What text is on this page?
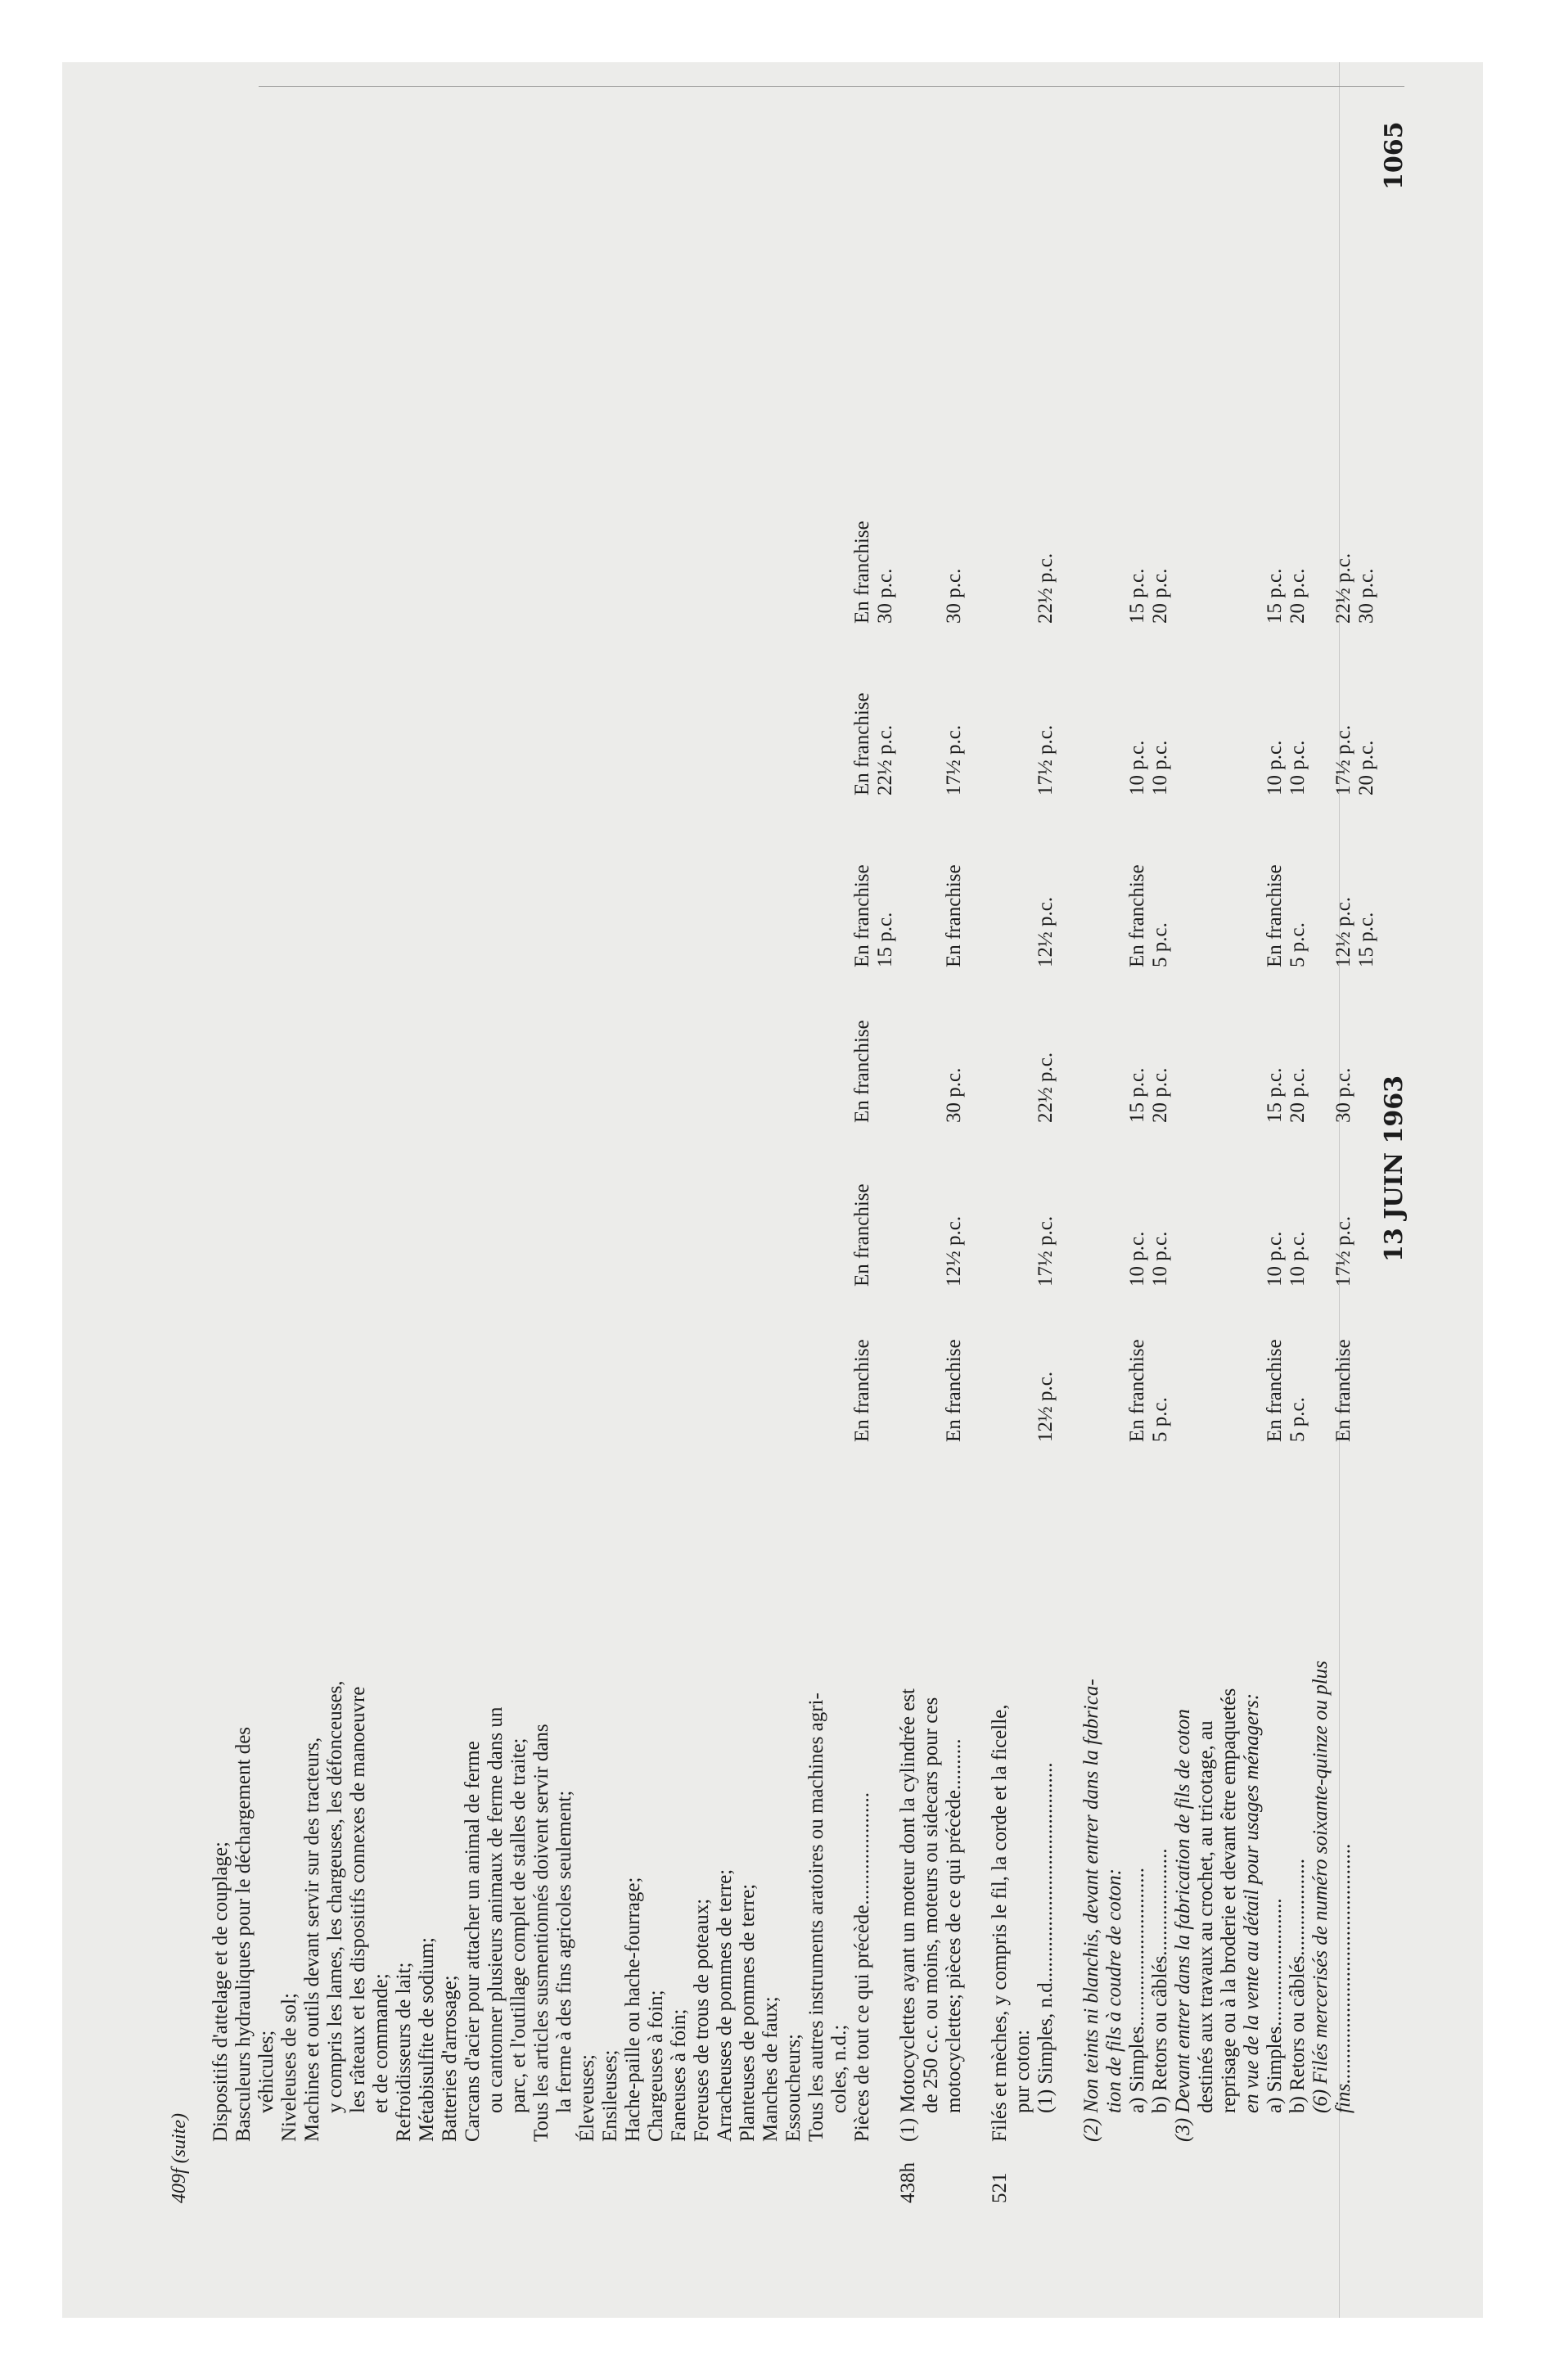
409f (suite)
13 JUIN 1963
1065
Dispositifs d'attelage et de couplage; Basculeurs hydrauliques pour le déchargement des véhicules; Niveleuses de sol; Machines et outils devant servir sur des tracteurs, y compris les lames, les chargeuses, les défonceuses, les râteaux et les dispositifs connexes de manoeuvre et de commande; Refroidisseurs de lait; Métabisulfite de sodium; Batteries d'arrosage; Carcans d'acier pour attacher un animal de ferme ou cantonner plusieurs animaux de ferme dans un parc, et l'outillage complet de stalles de traite; Tous les articles susmentionnés doivent servir dans la ferme à des fins agricoles seulement; Éleveuses; Ensileuses; Hache-paille ou hache-fourrage; Chargeuses à foin; Faneuses à foin; Foreuses de trous de poteaux; Arracheuses de pommes de terre; Planteuses de pommes de terre; Manches de faux; Essoucheurs; Tous les autres instruments aratoires ou machines agri- coles, n.d.; Pièces de tout ce qui précède......................
En franchise
En franchise
En franchise
En franchise 15 p.c.
En franchise 22½ p.c.
En franchise 30 p.c.
438h
(1) Motocyclettes ayant un moteur dont la cylindrée est de 250 c.c. ou moins, moteurs ou sidecars pour ces motocyclettes; pièces de ce qui précède..........
En franchise
12½ p.c.
30 p.c.
En franchise
17½ p.c.
30 p.c.
521
Filés et mèches, y compris le fil, la corde et la ficelle, pur coton: (1) Simples, n.d...........................................
12½ p.c.
17½ p.c.
22½ p.c.
12½ p.c.
17½ p.c.
22½ p.c.
(2) Non teints ni blanchis, devant entrer dans la fabrica- tion de fils à coudre de coton: a) Simples............................... b) Retors ou câblés.....................
En franchise 5 p.c.
10 p.c. 10 p.c.
15 p.c. 20 p.c.
En franchise 5 p.c.
10 p.c. 10 p.c.
15 p.c. 20 p.c.
(3) Devant entrer dans la fabrication de fils de coton destinés aux travaux au crochet, au tricotage, au reprisage ou à la broderie et devant être empaquetés en vue de la vente au détail pour usages ménagers: a) Simples......................... b) Retors ou câblés...................
En franchise 5 p.c.
10 p.c. 10 p.c.
15 p.c. 20 p.c.
En franchise 5 p.c.
10 p.c. 10 p.c.
15 p.c. 20 p.c.
(6) Filés mercerisés de numéro soixante-quinze ou plus fins...............................................
En franchise
17½ p.c.
30 p.c.
12½ p.c. 15 p.c.
17½ p.c. 20 p.c.
22½ p.c. 30 p.c.
